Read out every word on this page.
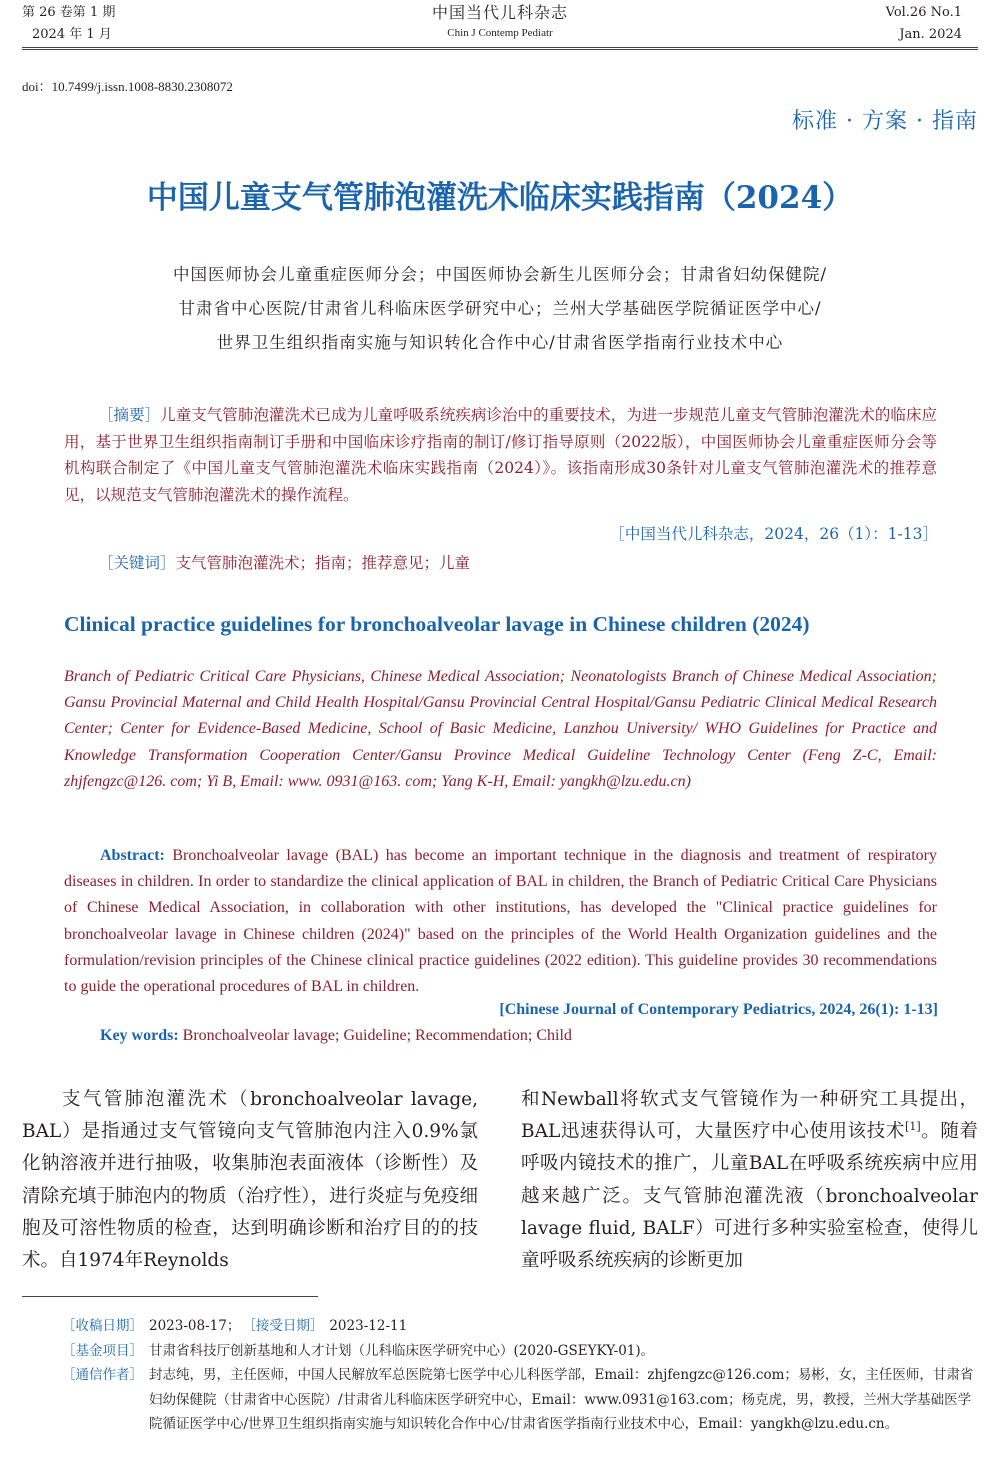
第 26 卷第 1 期
2024 年 1 月
中国当代儿科杂志
Chin J Contemp Pediatr
Vol.26 No.1
Jan. 2024
doi：10.7499/j.issn.1008-8830.2308072
标准 · 方案 · 指南
中国儿童支气管肺泡灌洗术临床实践指南（2024）
中国医师协会儿童重症医师分会；中国医师协会新生儿医师分会；甘肃省妇幼保健院/
甘肃省中心医院/甘肃省儿科临床医学研究中心；兰州大学基础医学院循证医学中心/
世界卫生组织指南实施与知识转化合作中心/甘肃省医学指南行业技术中心
［摘要］儿童支气管肺泡灌洗术已成为儿童呼吸系统疾病诊治中的重要技术，为进一步规范儿童支气管肺泡灌洗术的临床应用，基于世界卫生组织指南制订手册和中国临床诊疗指南的制订/修订指导原则（2022版），中国医师协会儿童重症医师分会等机构联合制定了《中国儿童支气管肺泡灌洗术临床实践指南（2024）》。该指南形成30条针对儿童支气管肺泡灌洗术的推荐意见，以规范支气管肺泡灌洗术的操作流程。
［中国当代儿科杂志，2024，26（1）：1-13］
［关键词］支气管肺泡灌洗术；指南；推荐意见；儿童
Clinical practice guidelines for bronchoalveolar lavage in Chinese children (2024)
Branch of Pediatric Critical Care Physicians, Chinese Medical Association; Neonatologists Branch of Chinese Medical Association; Gansu Provincial Maternal and Child Health Hospital/Gansu Provincial Central Hospital/Gansu Pediatric Clinical Medical Research Center; Center for Evidence-Based Medicine, School of Basic Medicine, Lanzhou University/ WHO Guidelines for Practice and Knowledge Transformation Cooperation Center/Gansu Province Medical Guideline Technology Center (Feng Z-C, Email: zhjfengzc@126. com; Yi B, Email: www. 0931@163. com; Yang K-H, Email: yangkh@lzu.edu.cn)
Abstract: Bronchoalveolar lavage (BAL) has become an important technique in the diagnosis and treatment of respiratory diseases in children. In order to standardize the clinical application of BAL in children, the Branch of Pediatric Critical Care Physicians of Chinese Medical Association, in collaboration with other institutions, has developed the "Clinical practice guidelines for bronchoalveolar lavage in Chinese children (2024)" based on the principles of the World Health Organization guidelines and the formulation/revision principles of the Chinese clinical practice guidelines (2022 edition). This guideline provides 30 recommendations to guide the operational procedures of BAL in children.
[Chinese Journal of Contemporary Pediatrics, 2024, 26(1): 1-13]
Key words: Bronchoalveolar lavage; Guideline; Recommendation; Child
支气管肺泡灌洗术（bronchoalveolar lavage, BAL）是指通过支气管镜向支气管肺泡内注入0.9%氯化钠溶液并进行抽吸，收集肺泡表面液体（诊断性）及清除充填于肺泡内的物质（治疗性），进行炎症与免疫细胞及可溶性物质的检查，达到明确诊断和治疗目的的技术。自1974年Reynolds
和Newball将软式支气管镜作为一种研究工具提出，BAL迅速获得认可，大量医疗中心使用该技术[1]。随着呼吸内镜技术的推广，儿童BAL在呼吸系统疾病中应用越来越广泛。支气管肺泡灌洗液（bronchoalveolar lavage fluid, BALF）可进行多种实验室检查，使得儿童呼吸系统疾病的诊断更加
［收稿日期］ 2023-08-17； ［接受日期］ 2023-12-11
［基金项目］ 甘肃省科技厅创新基地和人才计划（儿科临床医学研究中心）(2020-GSEYKY-01)。
［通信作者］ 封志纯，男，主任医师，中国人民解放军总医院第七医学中心儿科医学部，Email：zhjfengzc@126.com；易彬，女，主任医师，甘肃省妇幼保健院（甘肃省中心医院）/甘肃省儿科临床医学研究中心，Email：www.0931@163.com；杨克虎，男，教授，兰州大学基础医学院循证医学中心/世界卫生组织指南实施与知识转化合作中心/甘肃省医学指南行业技术中心，Email：yangkh@lzu.edu.cn。
